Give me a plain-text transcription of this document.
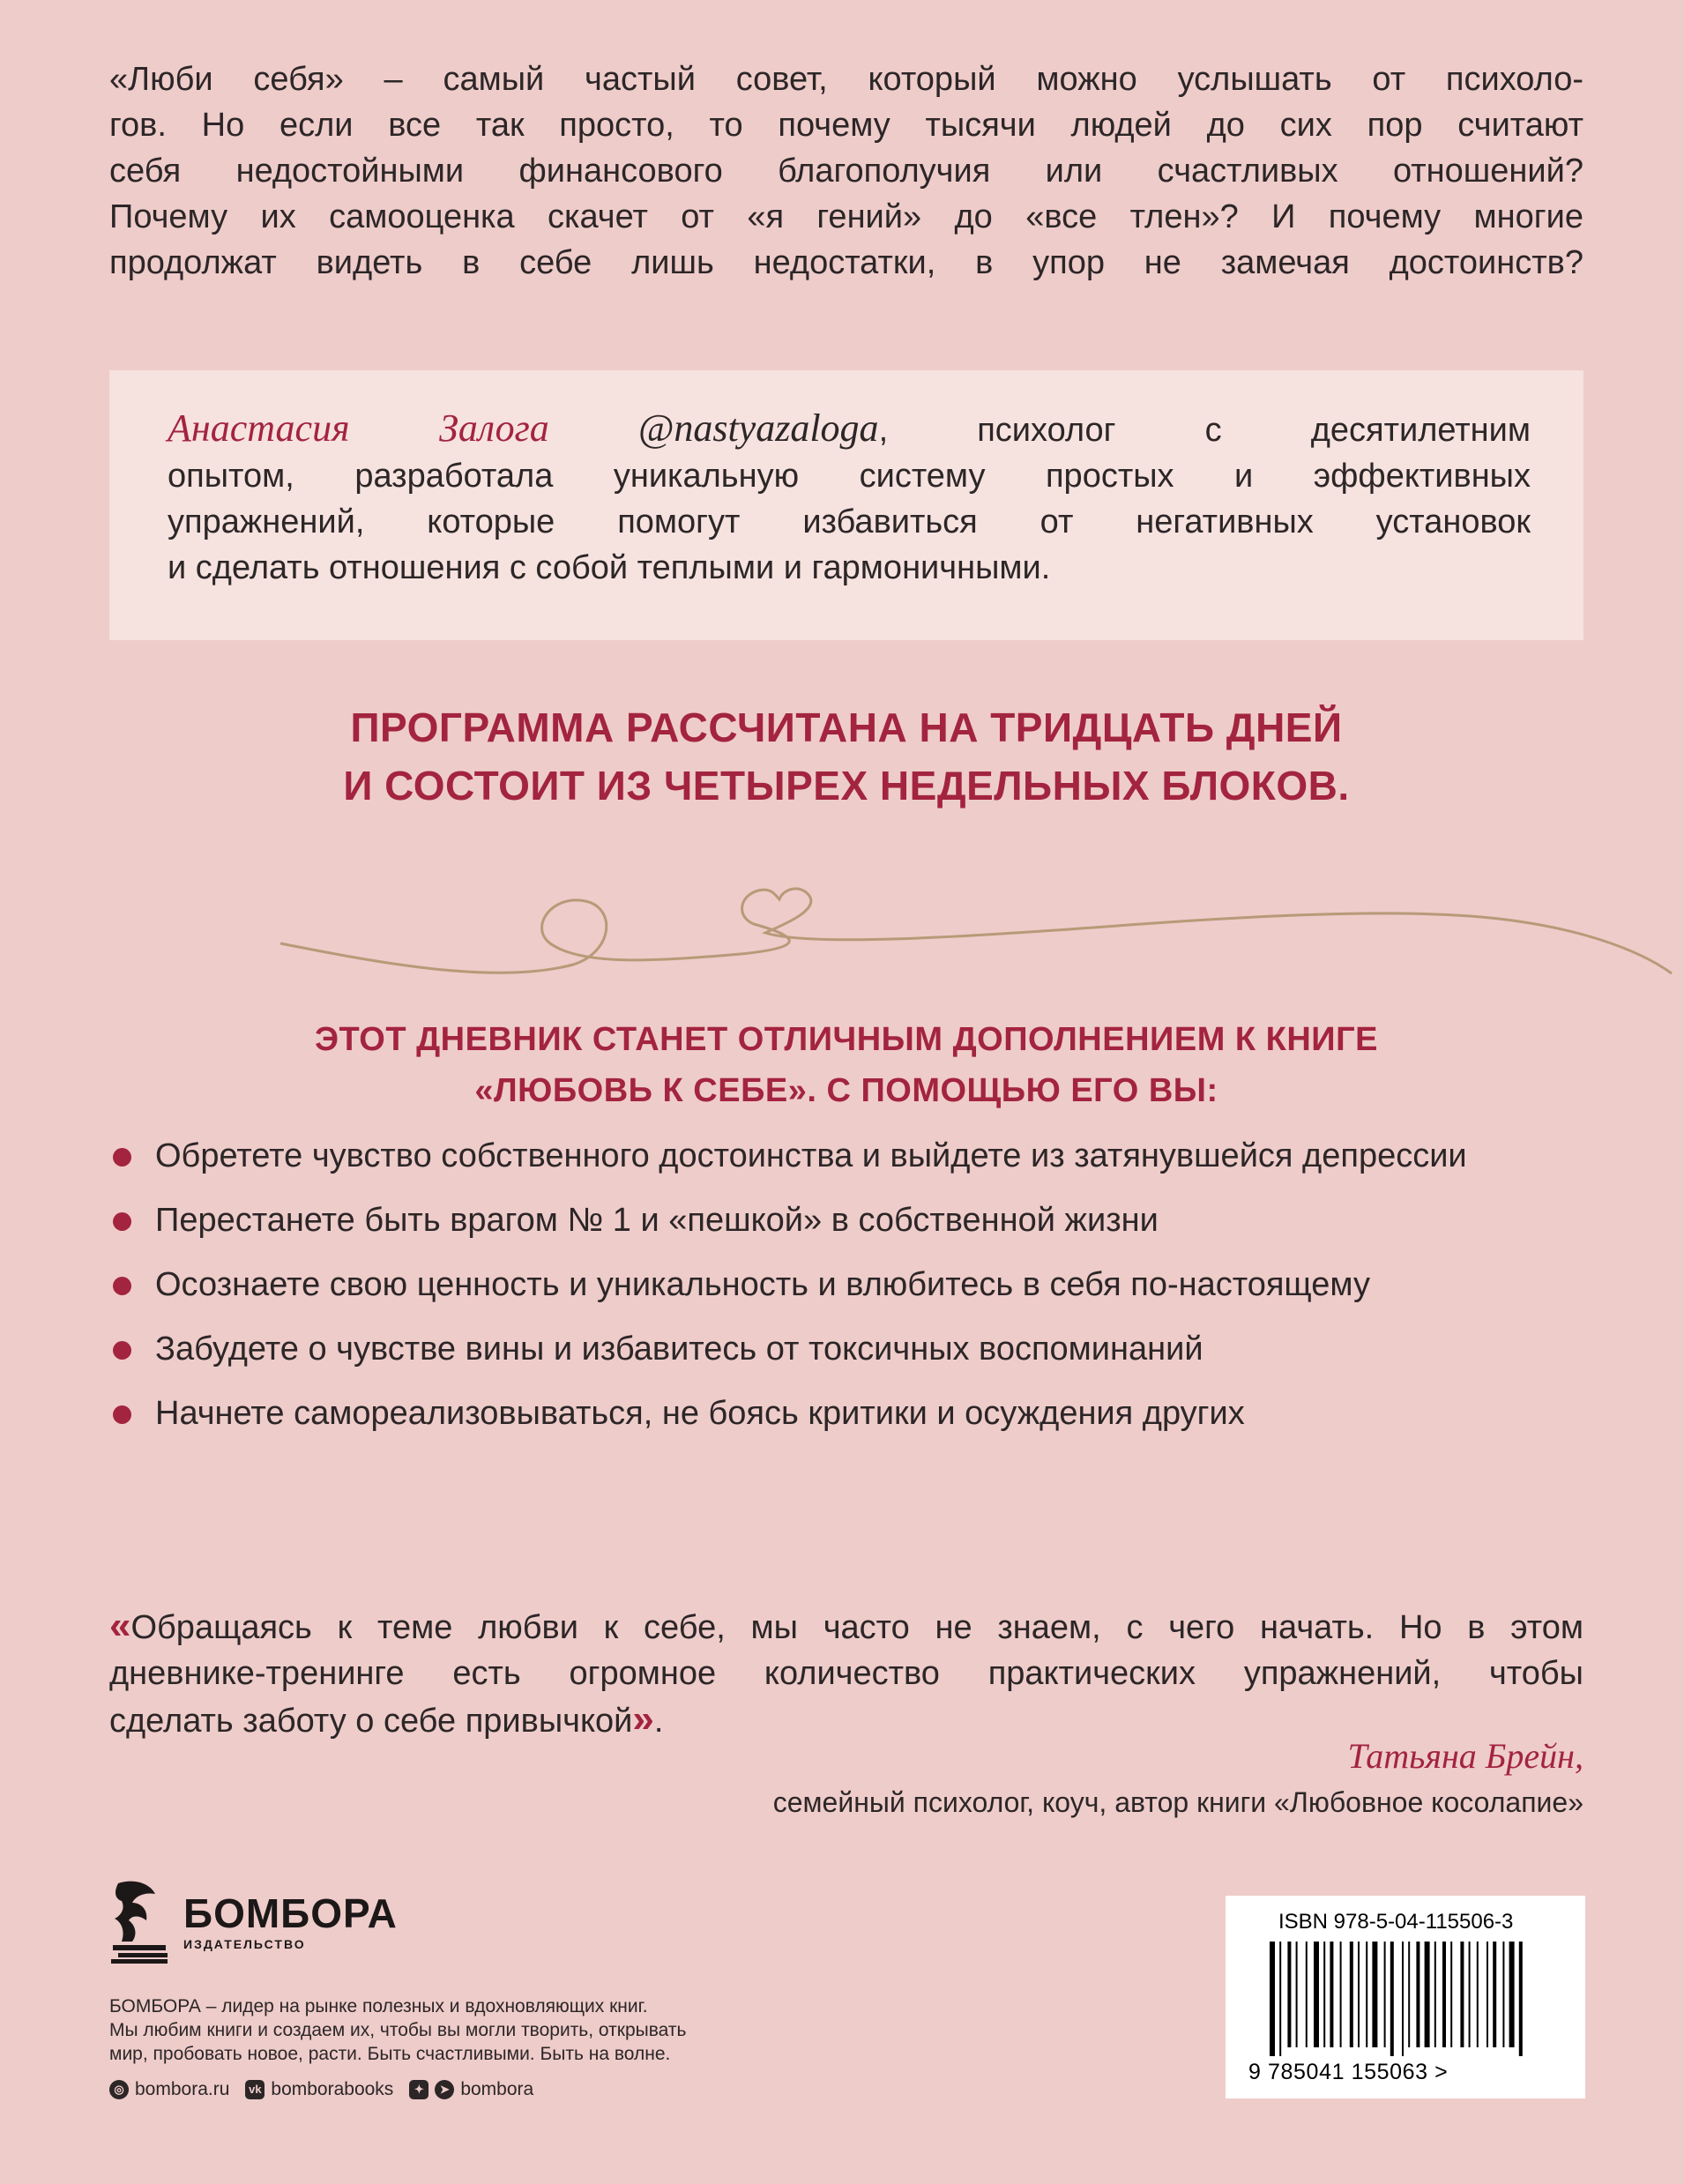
«Люби себя» – самый частый совет, который можно услышать от психоло-

гов. Но если все так просто, то почему тысячи людей до сих пор считают

себя недостойными финансового благополучия или счастливых отношений?

Почему их самооценка скачет от «я гений» до «все тлен»? И почему многие

продолжат видеть в себе лишь недостатки, в упор не замечая достоинств?

Анастасия Залога @nastyazaloga, психолог с десятилетним
опытом, разработала уникальную систему простых и эффективных
упражнений, которые помогут избавиться от негативных установок
и сделать отношения с собой теплыми и гармоничными.
ПРОГРАММА РАССЧИТАНА НА ТРИДЦАТЬ ДНЕЙ
И СОСТОИТ ИЗ ЧЕТЫРЕХ НЕДЕЛЬНЫХ БЛОКОВ.
ЭТОТ ДНЕВНИК СТАНЕТ ОТЛИЧНЫМ ДОПОЛНЕНИЕМ К КНИГЕ
«ЛЮБОВЬ К СЕБЕ». С ПОМОЩЬЮ ЕГО ВЫ:
Обретете чувство собственного достоинства и выйдете из затянувшейся депрессии
Перестанете быть врагом № 1 и «пешкой» в собственной жизни
Осознаете свою ценность и уникальность и влюбитесь в себя по-настоящему
Забудете о чувстве вины и избавитесь от токсичных воспоминаний
Начнете самореализовываться, не боясь критики и осуждения других
«Обращаясь к теме любви к себе, мы часто не знаем, с чего начать. Но в этом
дневнике-тренинге есть огромное количество практических упражнений, чтобы
сделать заботу о себе привычкой».
Татьяна Брейн,
семейный психолог, коуч, автор книги «Любовное косолапие»
БОМБОРА
ИЗДАТЕЛЬСТВО
БОМБОРА – лидер на рынке полезных и вдохновляющих книг.
Мы любим книги и создаем их, чтобы вы могли творить, открывать
мир, пробовать новое, расти. Быть счастливыми. Быть на волне.
◎ bombora.ru vk bomborabooks	✦	➤ bombora
ISBN 978-5-04-115506-3
9 785041 155063 >
